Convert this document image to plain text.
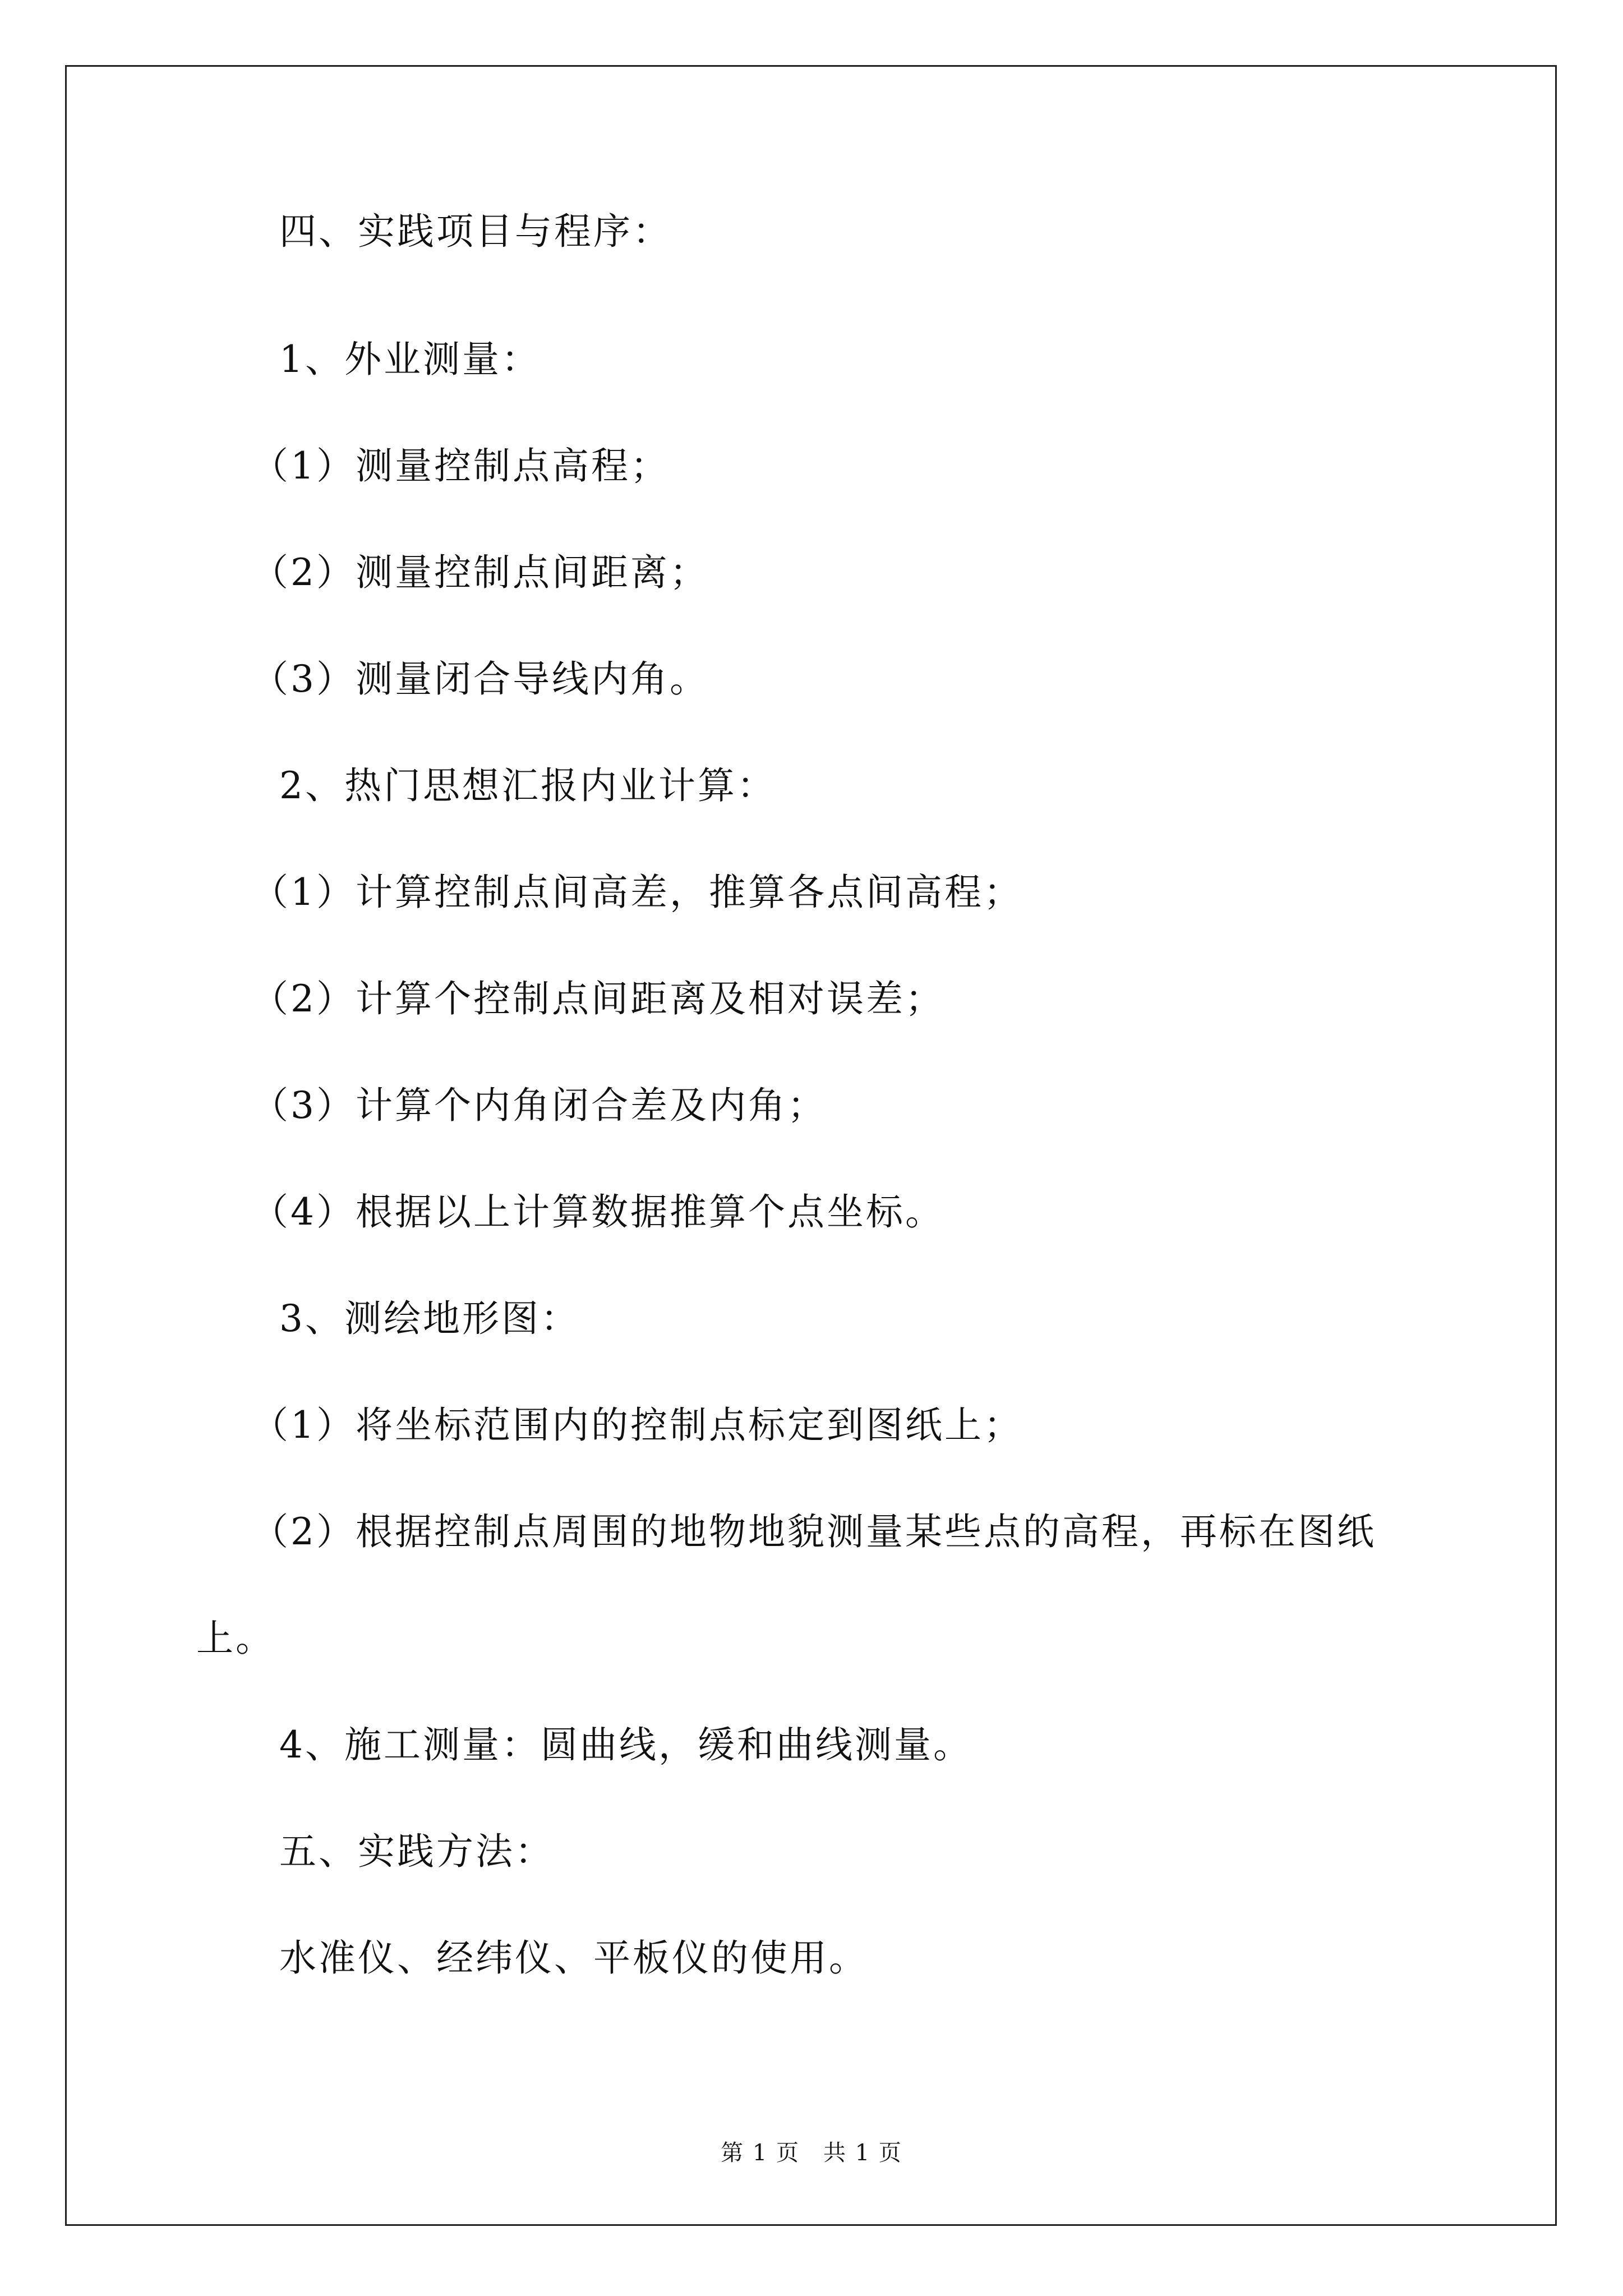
四、实践项目与程序：
1、外业测量：
（1）测量控制点高程；
（2）测量控制点间距离；
（3）测量闭合导线内角。
2、热门思想汇报内业计算：
（1）计算控制点间高差，推算各点间高程；
（2）计算个控制点间距离及相对误差；
（3）计算个内角闭合差及内角；
（4）根据以上计算数据推算个点坐标。
3、测绘地形图：
（1）将坐标范围内的控制点标定到图纸上；
（2）根据控制点周围的地物地貌测量某些点的高程，再标在图纸
上。
4、施工测量：圆曲线，缓和曲线测量。
五、实践方法：
水准仪、经纬仪、平板仪的使用。
第 1 页　共 1 页
